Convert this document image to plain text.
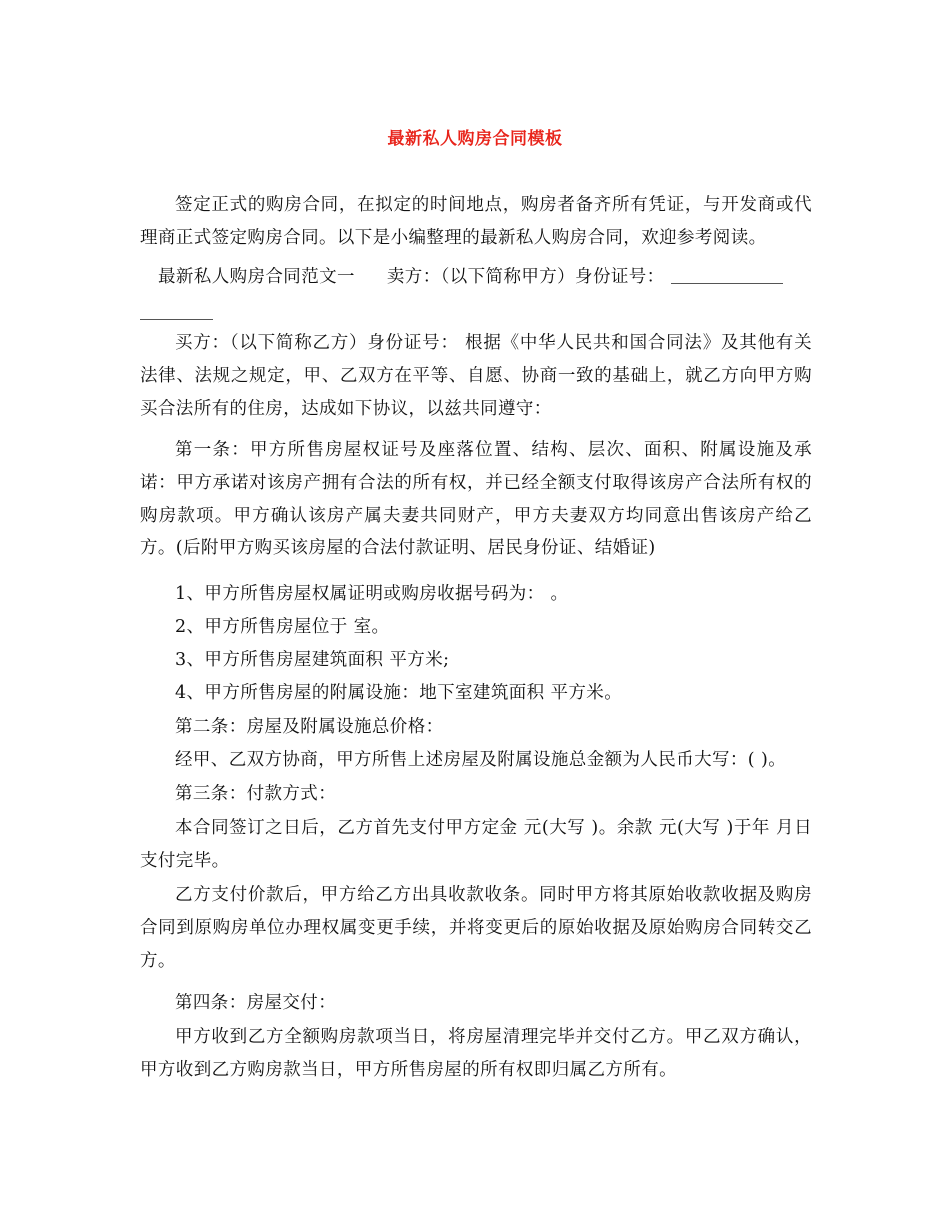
最新私人购房合同模板

签定正式的购房合同，在拟定的时间地点，购房者备齐所有凭证，与开发商或代理商正式签定购房合同。以下是小编整理的最新私人购房合同，欢迎参考阅读。

最新私人购房合同范文一 卖方：（以下简称甲方）身份证号：

买方：（以下简称乙方）身份证号： 根据《中华人民共和国合同法》及其他有关法律、法规之规定，甲、乙双方在平等、自愿、协商一致的基础上，就乙方向甲方购买合法所有的住房，达成如下协议，以兹共同遵守：

第一条：甲方所售房屋权证号及座落位置、结构、层次、面积、附属设施及承诺：甲方承诺对该房产拥有合法的所有权，并已经全额支付取得该房产合法所有权的购房款项。甲方确认该房产属夫妻共同财产，甲方夫妻双方均同意出售该房产给乙方。(后附甲方购买该房屋的合法付款证明、居民身份证、结婚证)

1、甲方所售房屋权属证明或购房收据号码为： 。
2、甲方所售房屋位于 室。
3、甲方所售房屋建筑面积 平方米;
4、甲方所售房屋的附属设施：地下室建筑面积 平方米。
第二条：房屋及附属设施总价格：
经甲、乙双方协商，甲方所售上述房屋及附属设施总金额为人民币大写：( )。
第三条：付款方式：

本合同签订之日后，乙方首先支付甲方定金 元(大写 )。余款 元(大写 )于年 月日支付完毕。

乙方支付价款后，甲方给乙方出具收款收条。同时甲方将其原始收款收据及购房合同到原购房单位办理权属变更手续，并将变更后的原始收据及原始购房合同转交乙方。

第四条：房屋交付：

甲方收到乙方全额购房款项当日，将房屋清理完毕并交付乙方。甲乙双方确认，甲方收到乙方购房款当日，甲方所售房屋的所有权即归属乙方所有。
